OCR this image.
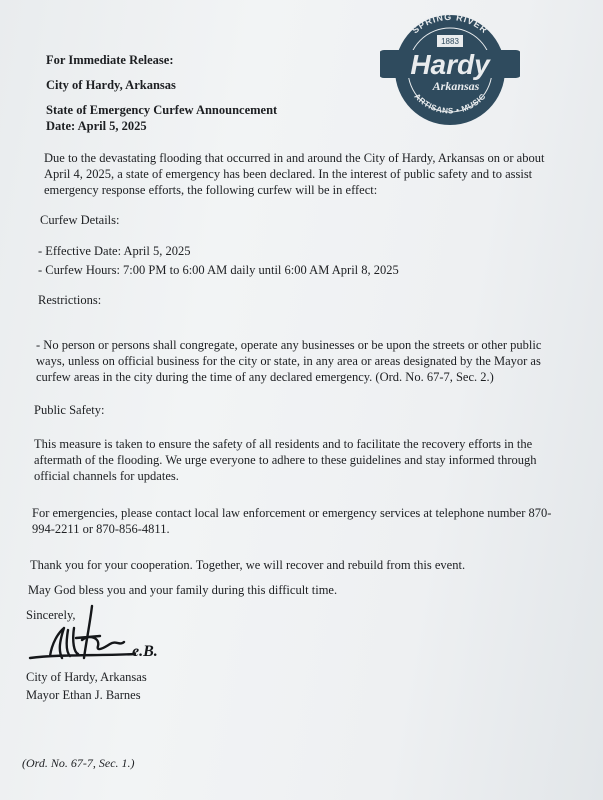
SPRING RIVER
1883
Hardy
Arkansas
ARTISANS • MUSIC
For Immediate Release:
City of Hardy, Arkansas
State of Emergency Curfew Announcement
Date: April 5, 2025

Due to the devastating flooding that occurred in and around the City of Hardy, Arkansas on or about April 4, 2025, a state of emergency has been declared. In the interest of public safety and to assist emergency response efforts, the following curfew will be in effect:

Curfew Details:

- Effective Date: April 5, 2025

- Curfew Hours: 7:00 PM to 6:00 AM daily until 6:00 AM April 8, 2025

Restrictions:

- No person or persons shall congregate, operate any businesses or be upon the streets or other public ways, unless on official business for the city or state, in any area or areas designated by the Mayor as curfew areas in the city during the time of any declared emergency. (Ord. No. 67-7, Sec. 2.)

Public Safety:

This measure is taken to ensure the safety of all residents and to facilitate the recovery efforts in the aftermath of the flooding. We urge everyone to adhere to these guidelines and stay informed through official channels for updates.

For emergencies, please contact local law enforcement or emergency services at telephone number 870-994-2211 or 870-856-4811.

Thank you for your cooperation. Together, we will recover and rebuild from this event.

May God bless you and your family during this difficult time.

Sincerely,

e.B.

City of Hardy, Arkansas

Mayor Ethan J. Barnes

(Ord. No. 67-7, Sec. 1.)
